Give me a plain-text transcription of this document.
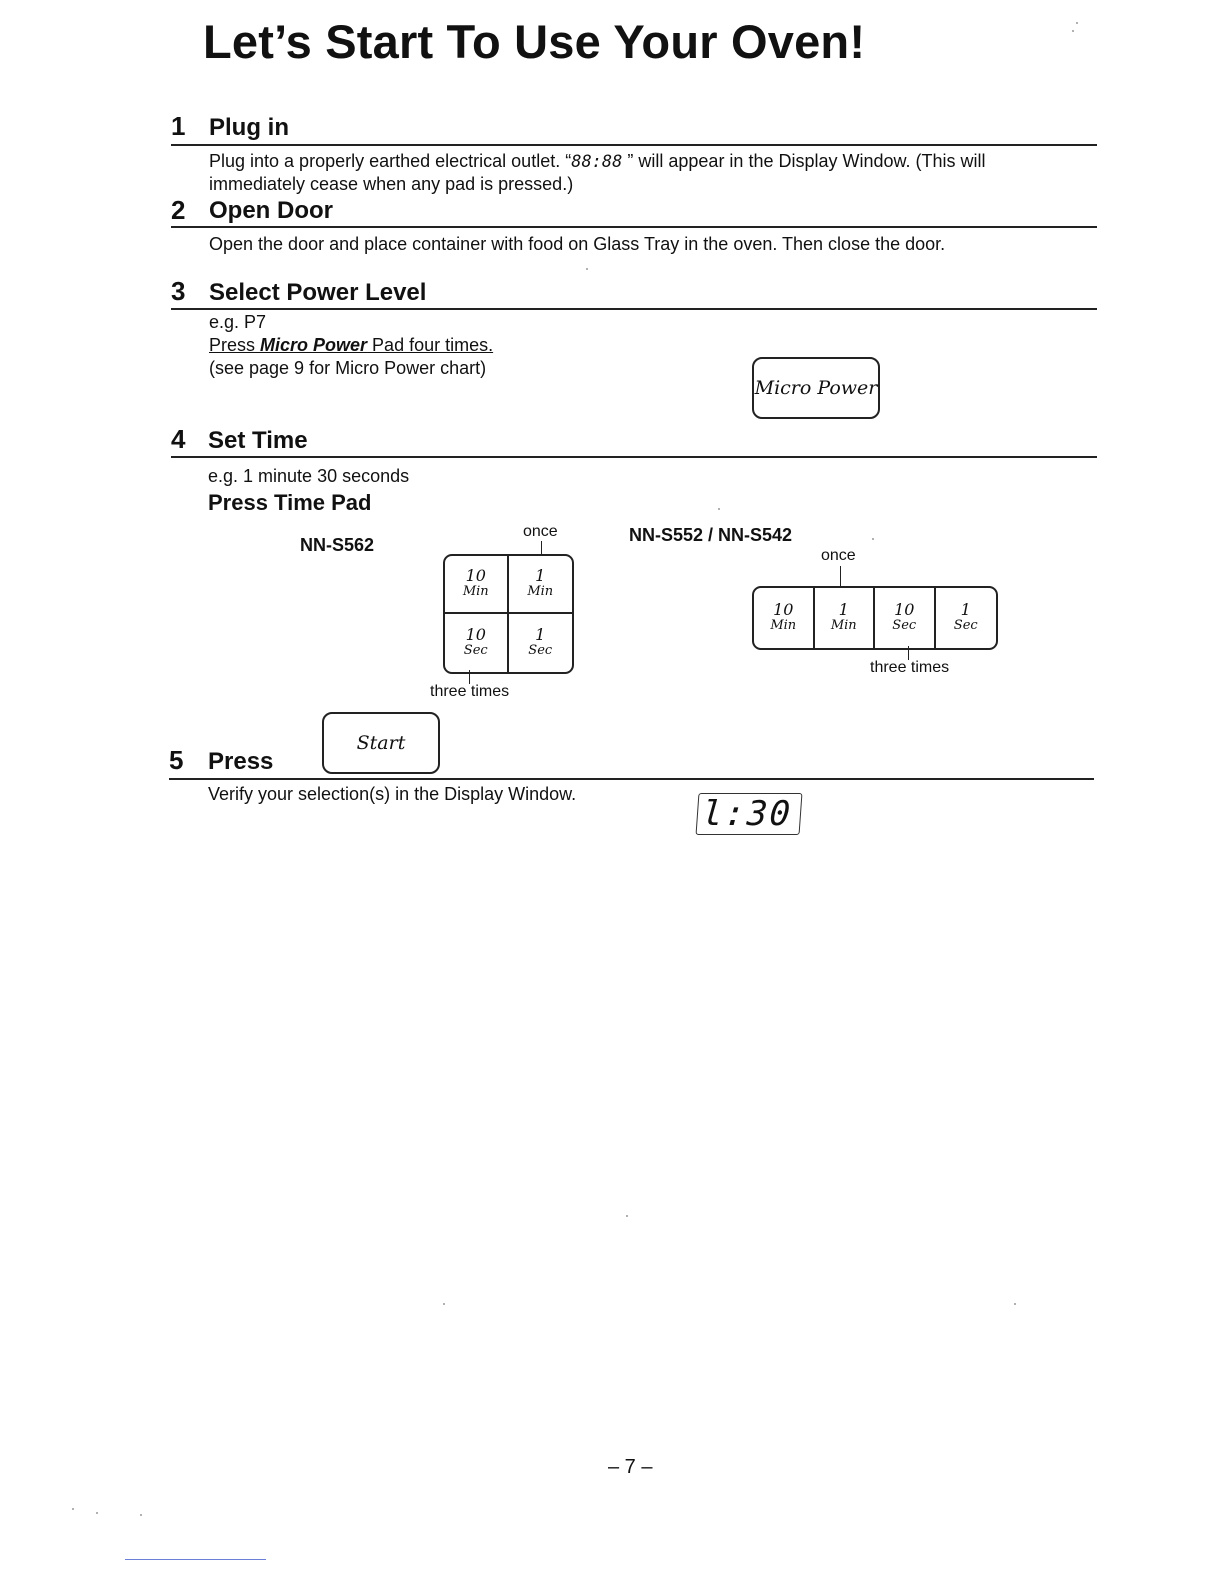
Let’s Start To Use Your Oven!
1 Plug in
Plug into a properly earthed electrical outlet. “88:88 ” will appear in the Display Window. (This will
immediately cease when any pad is pressed.)
2 Open Door
Open the door and place container with food on Glass Tray in the oven. Then close the door.
3 Select Power Level
e.g. P7
Press Micro Power Pad four times.
(see page 9 for Micro Power chart)
Micro Power
4 Set Time
e.g. 1 minute 30 seconds
Press Time Pad
NN-S562
once
10
Min
1
Min
10
Sec
1
Sec
three times
NN-S552 / NN-S542
once
10
Min
1
Min
10
Sec
1
Sec
three times
Start
5 Press
Verify your selection(s) in the Display Window.	l:30
– 7 –
